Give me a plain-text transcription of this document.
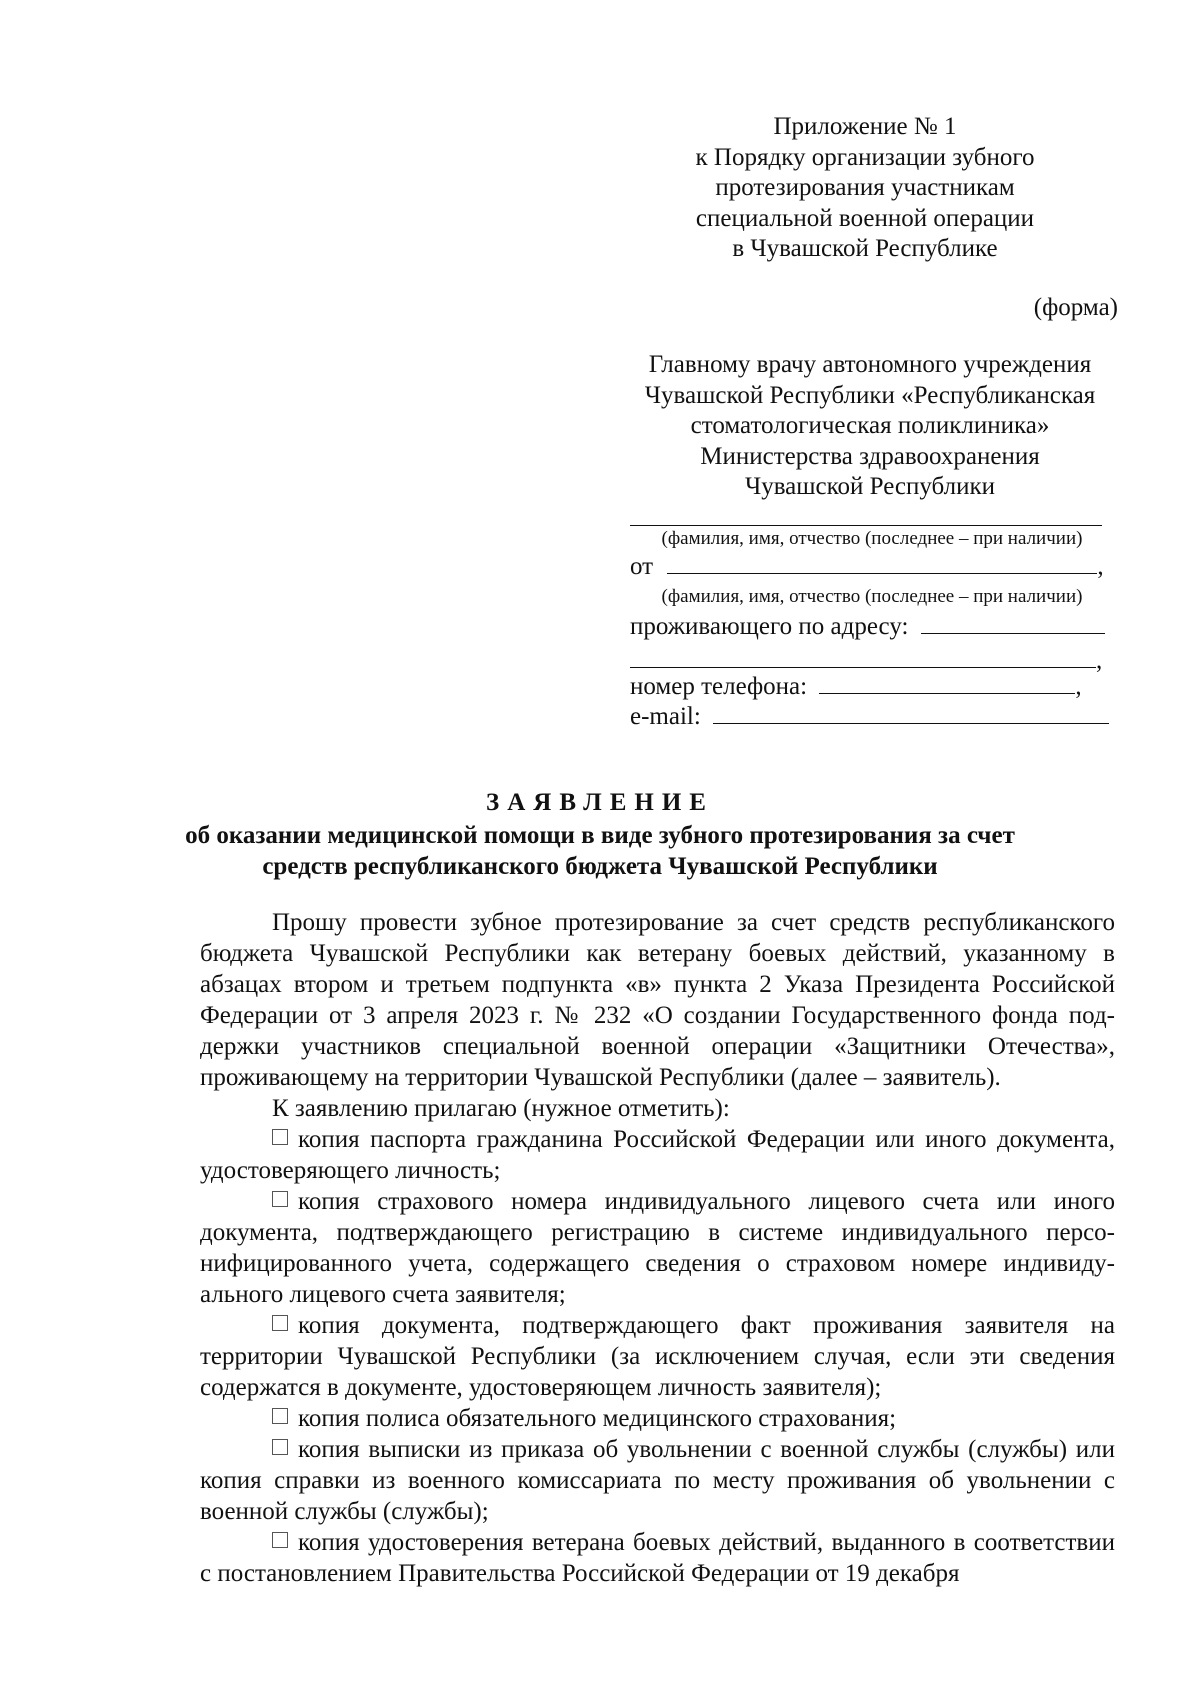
Приложение № 1
к Порядку организации зубного
протезирования участникам
специальной военной операции
в Чувашской Республике
(форма)
Главному врачу автономного учреждения
Чувашской Республики «Республиканская
стоматологическая поликлиника»
Министерства здравоохранения
Чувашской Республики
(фамилия, имя, отчество (последнее – при наличии)
от	,
(фамилия, имя, отчество (последнее – при наличии)
проживающего по адресу:
,
номер телефона:	,
e-mail:
ЗАЯВЛЕНИЕ
об оказании медицинской помощи в виде зубного протезирования за счет
средств республиканского бюджета Чувашской Республики

Прошу провести зубное протезирование за счет средств республиканского бюджета Чувашской Республики как ветерану боевых действий, указанному в абзацах втором и третьем подпункта «в» пункта 2 Указа Президента Российской Федерации от 3 апреля 2023 г. № 232 «О создании Государственного фонда поддержки участников специальной военной операции «Защитники Отечества», проживающему на территории Чувашской Республики (далее – заявитель).

К заявлению прилагаю (нужное отметить):

копия паспорта гражданина Российской Федерации или иного документа, удостоверяющего личность;

копия страхового номера индивидуального лицевого счета или иного документа, подтверждающего регистрацию в системе индивидуального персонифицированного учета, содержащего сведения о страховом номере индивидуального лицевого счета заявителя;

копия документа, подтверждающего факт проживания заявителя на территории Чувашской Республики (за исключением случая, если эти сведения содержатся в документе, удостоверяющем личность заявителя);

копия полиса обязательного медицинского страхования;

копия выписки из приказа об увольнении с военной службы (службы) или копия справки из военного комиссариата по месту проживания об увольнении с военной службы (службы);

копия удостоверения ветерана боевых действий, выданного в соответствии с постановлением Правительства Российской Федерации от 19 декабря
